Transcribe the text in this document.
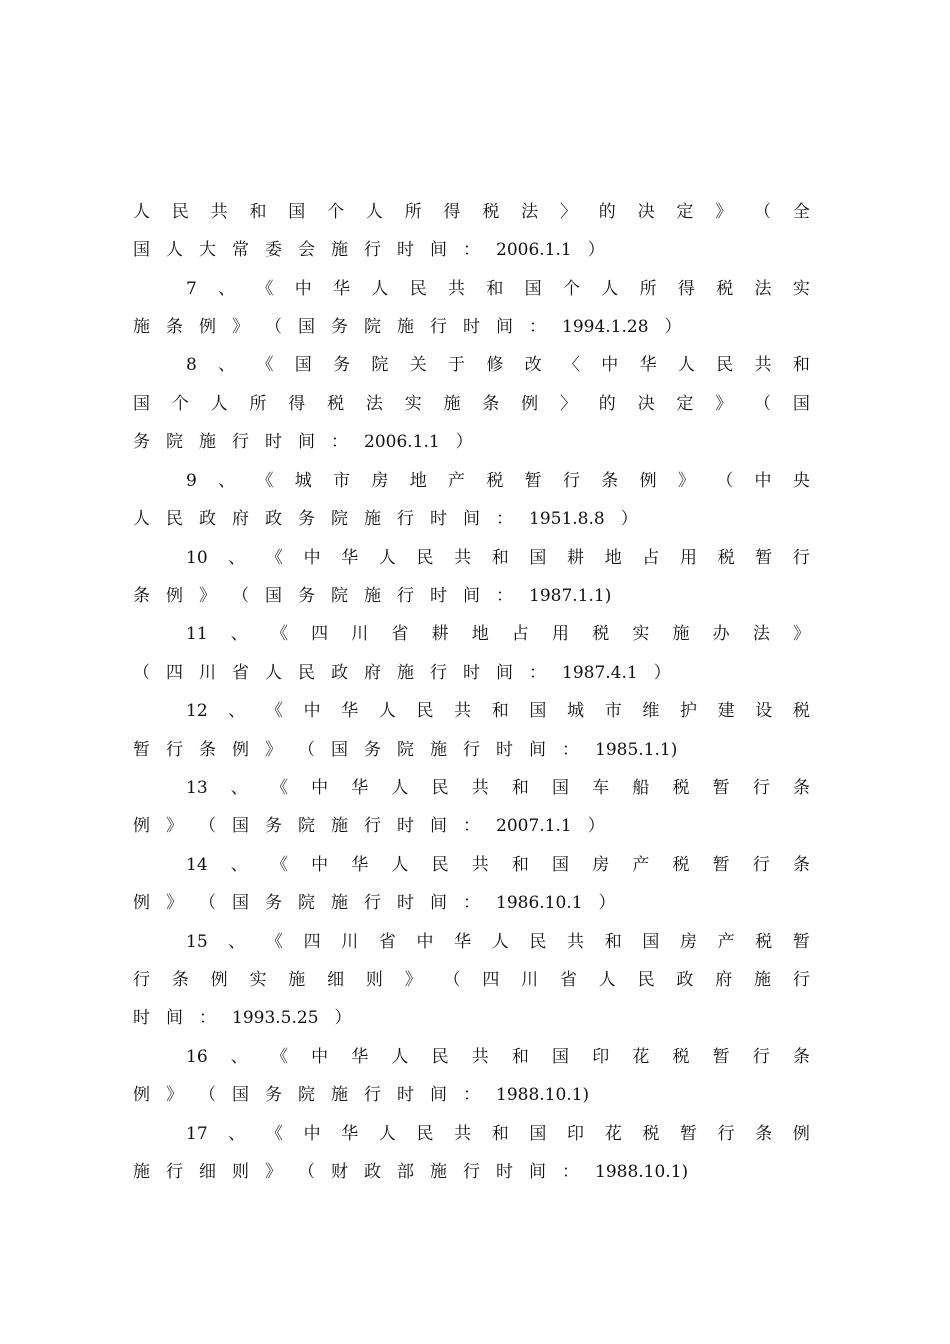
人 民 共 和 国 个 人 所 得 税 法 〉 的 决 定 》 （ 全
国 人 大 常 委 会 施 行 时 间 ： 2006.1.1 ）
7 、 《 中 华 人 民 共 和 国 个 人 所 得 税 法 实
施 条 例 》 （ 国 务 院 施 行 时 间 ： 1994.1.28 ）
8 、 《 国 务 院 关 于 修 改 〈 中 华 人 民 共 和
国 个 人 所 得 税 法 实 施 条 例 〉 的 决 定 》 （ 国
务 院 施 行 时 间 ： 2006.1.1 ）
9 、 《 城 市 房 地 产 税 暂 行 条 例 》 （ 中 央
人 民 政 府 政 务 院 施 行 时 间 ： 1951.8.8 ）
10 、 《 中 华 人 民 共 和 国 耕 地 占 用 税 暂 行
条 例 》 （ 国 务 院 施 行 时 间 ： 1987.1.1)
11 、 《 四 川 省 耕 地 占 用 税 实 施 办 法 》
（ 四 川 省 人 民 政 府 施 行 时 间 ： 1987.4.1 ）
12 、 《 中 华 人 民 共 和 国 城 市 维 护 建 设 税
暂 行 条 例 》 （ 国 务 院 施 行 时 间 ： 1985.1.1)
13 、 《 中 华 人 民 共 和 国 车 船 税 暂 行 条
例 》 （ 国 务 院 施 行 时 间 ： 2007.1.1 ）
14 、 《 中 华 人 民 共 和 国 房 产 税 暂 行 条
例 》 （ 国 务 院 施 行 时 间 ： 1986.10.1 ）
15 、 《 四 川 省 中 华 人 民 共 和 国 房 产 税 暂
行 条 例 实 施 细 则 》 （ 四 川 省 人 民 政 府 施 行
时 间 ： 1993.5.25 ）
16 、 《 中 华 人 民 共 和 国 印 花 税 暂 行 条
例 》 （ 国 务 院 施 行 时 间 ： 1988.10.1)
17 、 《 中 华 人 民 共 和 国 印 花 税 暂 行 条 例
施 行 细 则 》 （ 财 政 部 施 行 时 间 ： 1988.10.1)
